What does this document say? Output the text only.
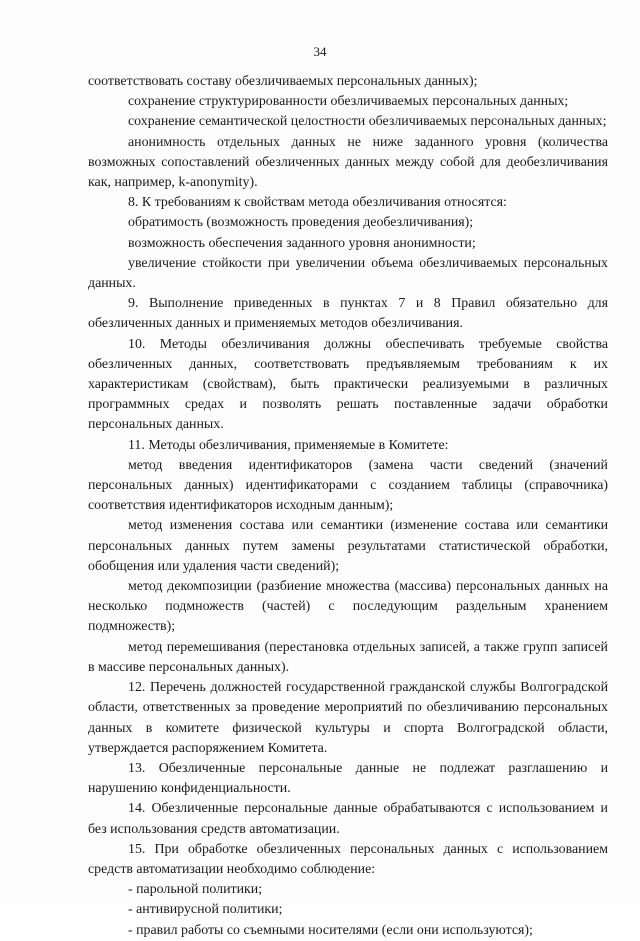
34

соответствовать составу обезличиваемых персональных данных);

сохранение структурированности обезличиваемых персональных данных;

сохранение семантической целостности обезличиваемых персональных данных;

анонимность отдельных данных не ниже заданного уровня (количества возможных сопоставлений обезличенных данных между собой для деобезличивания как, например, k-anonymity).

8. К требованиям к свойствам метода обезличивания относятся:

обратимость (возможность проведения деобезличивания);

возможность обеспечения заданного уровня анонимности;

увеличение стойкости при увеличении объема обезличиваемых персональных данных.

9. Выполнение приведенных в пунктах 7 и 8 Правил обязательно для обезличенных данных и применяемых методов обезличивания.

10. Методы обезличивания должны обеспечивать требуемые свойства обезличенных данных, соответствовать предъявляемым требованиям к их характеристикам (свойствам), быть практически реализуемыми в различных программных средах и позволять решать поставленные задачи обработки персональных данных.

11. Методы обезличивания, применяемые в Комитете:

метод введения идентификаторов (замена части сведений (значений персональных данных) идентификаторами с созданием таблицы (справочника) соответствия идентификаторов исходным данным);

метод изменения состава или семантики (изменение состава или семантики персональных данных путем замены результатами статистической обработки, обобщения или удаления части сведений);

метод декомпозиции (разбиение множества (массива) персональных данных на несколько подмножеств (частей) с последующим раздельным хранением подмножеств);

метод перемешивания (перестановка отдельных записей, а также групп записей в массиве персональных данных).

12. Перечень должностей государственной гражданской службы Волгоградской области, ответственных за проведение мероприятий по обезличиванию персональных данных в комитете физической культуры и спорта Волгоградской области, утверждается распоряжением Комитета.

13. Обезличенные персональные данные не подлежат разглашению и нарушению конфиденциальности.

14. Обезличенные персональные данные обрабатываются с использованием и без использования средств автоматизации.

15. При обработке обезличенных персональных данных с использованием средств автоматизации необходимо соблюдение:

- парольной политики;

- антивирусной политики;

- правил работы со съемными носителями (если они используются);
